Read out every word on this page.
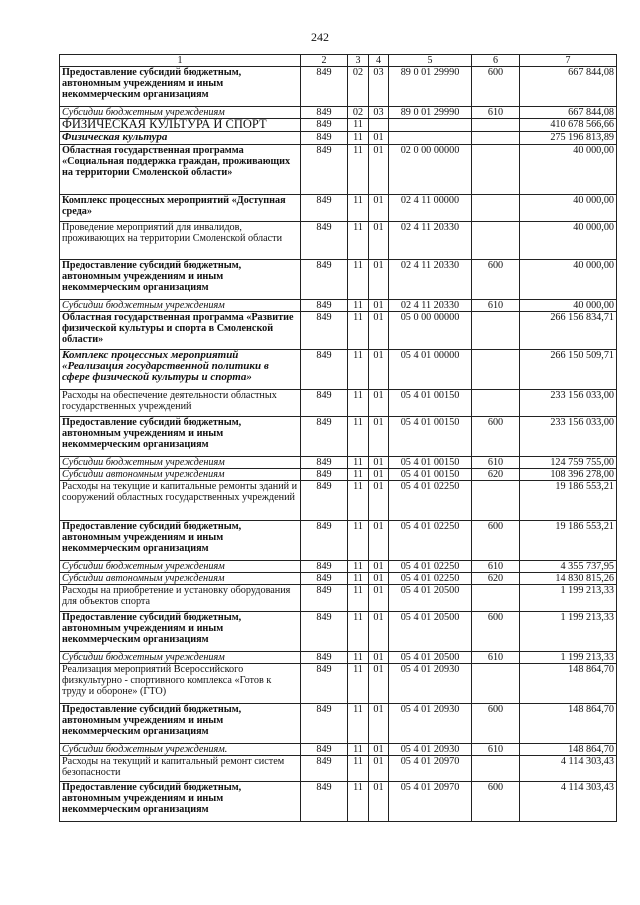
242
1	2	3	4	5	6	7
Предоставление субсидий бюджетным, автономным учреждениям и иным некоммерческим организациям	849	02	03	89 0 01 29990	600	667 844,08
Субсидии бюджетным учреждениям	849	02	03	89 0 01 29990	610	667 844,08
ФИЗИЧЕСКАЯ КУЛЬТУРА И СПОРТ	849	11				410 678 566,66
Физическая культура	849	11	01			275 196 813,89
Областная государственная программа «Социальная поддержка граждан, проживающих на территории Смоленской области»	849	11	01	02 0 00 00000		40 000,00
Комплекс процессных мероприятий «Доступная среда»	849	11	01	02 4 11 00000		40 000,00
Проведение мероприятий для инвалидов, проживающих на территории Смоленской области	849	11	01	02 4 11 20330		40 000,00
Предоставление субсидий бюджетным, автономным учреждениям и иным некоммерческим организациям	849	11	01	02 4 11 20330	600	40 000,00
Субсидии бюджетным учреждениям	849	11	01	02 4 11 20330	610	40 000,00
Областная государственная программа «Развитие физической культуры и спорта в Смоленской области»	849	11	01	05 0 00 00000		266 156 834,71
Комплекс процессных мероприятий «Реализация государственной политики в сфере физической культуры и спорта»	849	11	01	05 4 01 00000		266 150 509,71
Расходы на обеспечение деятельности областных государственных учреждений	849	11	01	05 4 01 00150		233 156 033,00
Предоставление субсидий бюджетным, автономным учреждениям и иным некоммерческим организациям	849	11	01	05 4 01 00150	600	233 156 033,00
Субсидии бюджетным учреждениям	849	11	01	05 4 01 00150	610	124 759 755,00
Субсидии автономным учреждениям	849	11	01	05 4 01 00150	620	108 396 278,00
Расходы на текущие и капитальные ремонты зданий и сооружений областных государственных учреждений	849	11	01	05 4 01 02250		19 186 553,21
Предоставление субсидий бюджетным, автономным учреждениям и иным некоммерческим организациям	849	11	01	05 4 01 02250	600	19 186 553,21
Субсидии бюджетным учреждениям	849	11	01	05 4 01 02250	610	4 355 737,95
Субсидии автономным учреждениям	849	11	01	05 4 01 02250	620	14 830 815,26
Расходы на приобретение и установку оборудования для объектов спорта	849	11	01	05 4 01 20500		1 199 213,33
Предоставление субсидий бюджетным, автономным учреждениям и иным некоммерческим организациям	849	11	01	05 4 01 20500	600	1 199 213,33
Субсидии бюджетным учреждениям	849	11	01	05 4 01 20500	610	1 199 213,33
Реализация мероприятий Всероссийского физкультурно - спортивного комплекса «Готов к труду и обороне» (ГТО)	849	11	01	05 4 01 20930		148 864,70
Предоставление субсидий бюджетным, автономным учреждениям и иным некоммерческим организациям	849	11	01	05 4 01 20930	600	148 864,70
Субсидии бюджетным учреждениям.	849	11	01	05 4 01 20930	610	148 864,70
Расходы на текущий и капитальный ремонт систем безопасности	849	11	01	05 4 01 20970		4 114 303,43
Предоставление субсидий бюджетным, автономным учреждениям и иным некоммерческим организациям	849	11	01	05 4 01 20970	600	4 114 303,43
